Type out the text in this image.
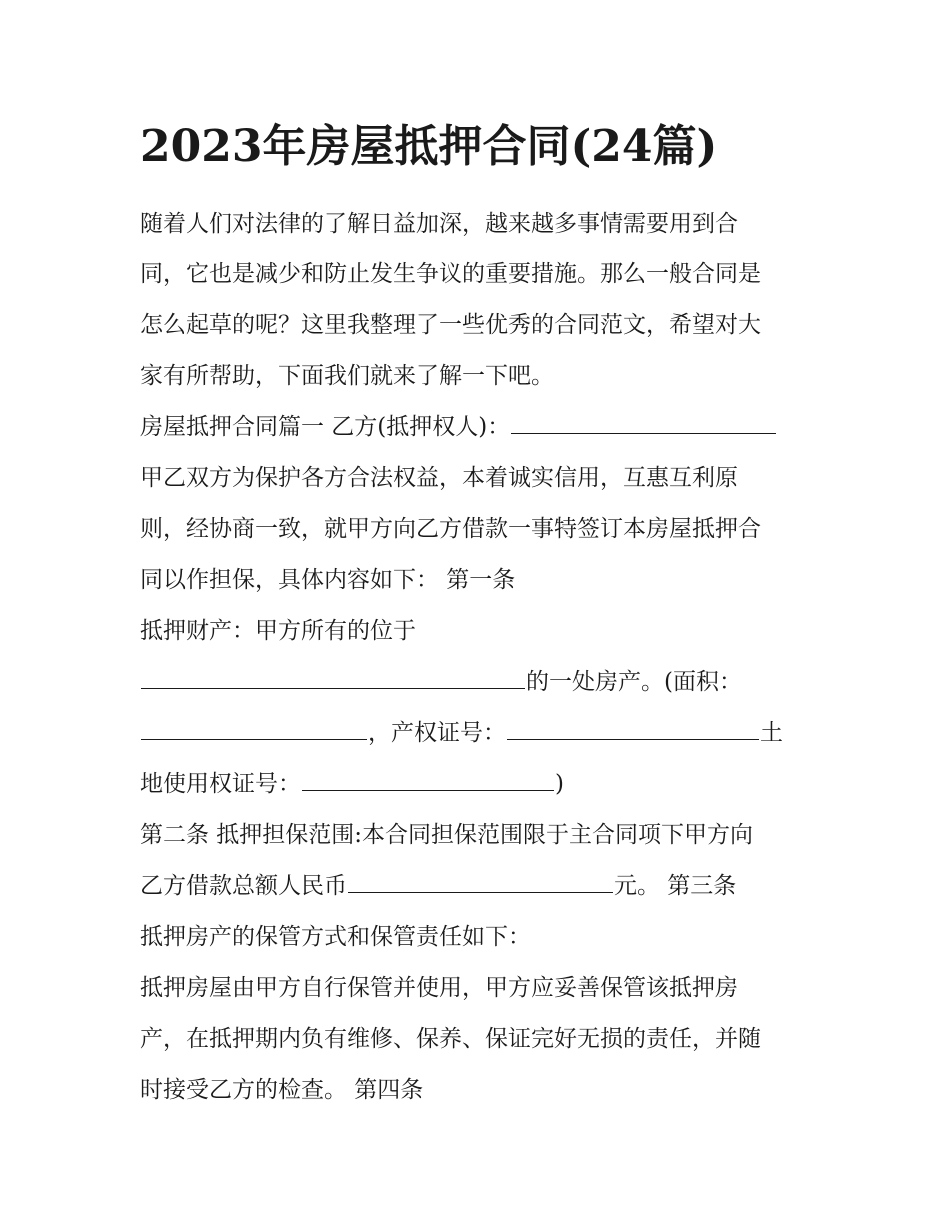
2023年房屋抵押合同(24篇)

随着人们对法律的了解日益加深，越来越多事情需要用到合

同，它也是减少和防止发生争议的重要措施。那么一般合同是

怎么起草的呢？这里我整理了一些优秀的合同范文，希望对大

家有所帮助，下面我们就来了解一下吧。

房屋抵押合同篇一 乙方(抵押权人)：

甲乙双方为保护各方合法权益，本着诚实信用，互惠互利原

则，经协商一致，就甲方向乙方借款一事特签订本房屋抵押合

同以作担保，具体内容如下： 第一条

抵押财产：甲方所有的位于

的一处房产。(面积：

，产权证号：	土

地使用权证号：	)

第二条 抵押担保范围:本合同担保范围限于主合同项下甲方向

乙方借款总额人民币	元。 第三条

抵押房产的保管方式和保管责任如下：

抵押房屋由甲方自行保管并使用，甲方应妥善保管该抵押房

产，在抵押期内负有维修、保养、保证完好无损的责任，并随

时接受乙方的检查。 第四条
